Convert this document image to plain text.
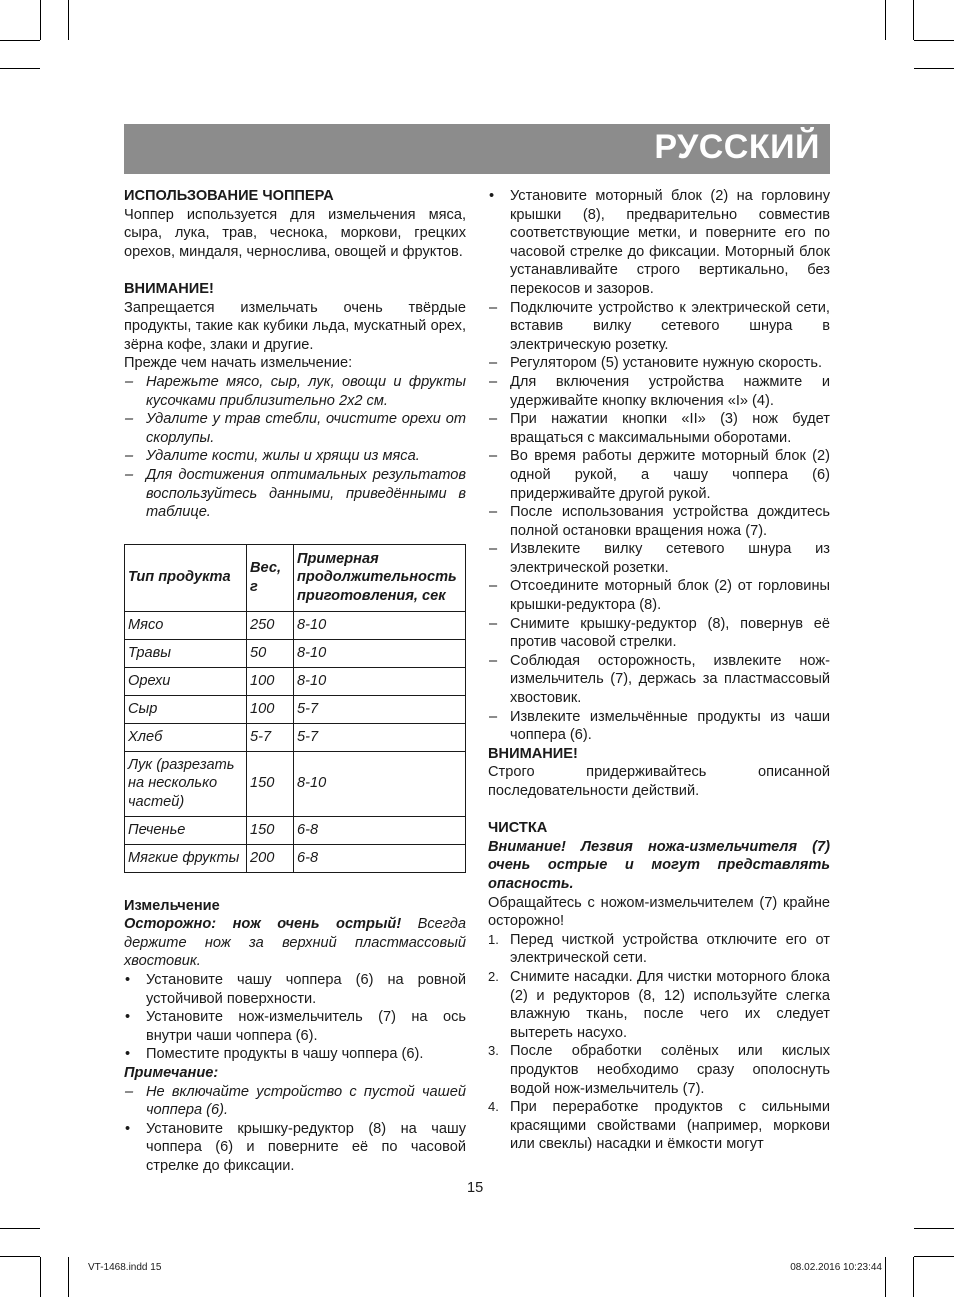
РУССКИЙ
ИСПОЛЬЗОВАНИЕ ЧОППЕРА

Чоппер используется для измельчения мяса, сыра, лука, трав, чеснока, моркови, грецких орехов, миндаля, чернослива, овощей и фруктов.

ВНИМАНИЕ!

Запрещается измельчать очень твёрдые продукты, такие как кубики льда, мускатный орех, зёрна кофе, злаки и другие.

Прежде чем начать измельчение:

– Нарежьте мясо, сыр, лук, овощи и фрукты кусочками приблизительно 2х2 см.
– Удалите у трав стебли, очистите орехи от скорлупы.
– Удалите кости, жилы и хрящи из мяса.
– Для достижения оптимальных результатов воспользуйтесь данными, приведёнными в таблице.
Тип продукта	Вес, г	Примерная продолжительность приготовления, сек
Мясо	250	8-10
Травы	50	8-10
Орехи	100	8-10
Сыр	100	5-7
Хлеб	5-7	5-7
Лук (разрезать на несколько частей)	150	8-10
Печенье	150	6-8
Мягкие фрукты	200	6-8
Измельчение

Осторожно: нож очень острый! Всегда держите нож за верхний пластмассовый хвостовик.

• Установите чашу чоппера (6) на ровной устойчивой поверхности.
• Установите нож-измельчитель (7) на ось внутри чаши чоппера (6).
• Поместите продукты в чашу чоппера (6).
Примечание:
– Не включайте устройство с пустой чашей чоппера (6).
• Установите крышку-редуктор (8) на чашу чоппера (6) и поверните её по часовой стрелке до фиксации.
• Установите моторный блок (2) на горловину крышки (8), предварительно совместив соответствующие метки, и поверните его по часовой стрелке до фиксации. Моторный блок устанавливайте строго вертикально, без перекосов и зазоров.
– Подключите устройство к электрической сети, вставив вилку сетевого шнура в электрическую розетку.
– Регулятором (5) установите нужную скорость.
– Для включения устройства нажмите и удерживайте кнопку включения «I» (4).
– При нажатии кнопки «II» (3) нож будет вращаться с максимальными оборотами.
– Во время работы держите моторный блок (2) одной рукой, а чашу чоппера (6) придерживайте другой рукой.
– После использования устройства дождитесь полной остановки вращения ножа (7).
– Извлеките вилку сетевого шнура из электрической розетки.
– Отсоедините моторный блок (2) от горловины крышки-редуктора (8).
– Снимите крышку-редуктор (8), повернув её против часовой стрелки.
– Соблюдая осторожность, извлеките нож-измельчитель (7), держась за пластмассовый хвостовик.
– Извлеките измельчённые продукты из чаши чоппера (6).
ВНИМАНИЕ!

Строго придерживайтесь описанной последовательности действий.

ЧИСТКА

Внимание! Лезвия ножа-измельчителя (7) очень острые и могут представлять опасность.

Обращайтесь с ножом-измельчителем (7) крайне осторожно!

1. Перед чисткой устройства отключите его от электрической сети.
2. Снимите насадки. Для чистки моторного блока (2) и редукторов (8, 12) используйте слегка влажную ткань, после чего их следует вытереть насухо.
3. После обработки солёных или кислых продуктов необходимо сразу ополоснуть водой нож-измельчитель (7).
4. При переработке продуктов с сильными красящими свойствами (например, моркови или свеклы) насадки и ёмкости могут
15
VT-1468.indd 15	08.02.2016 10:23:44
